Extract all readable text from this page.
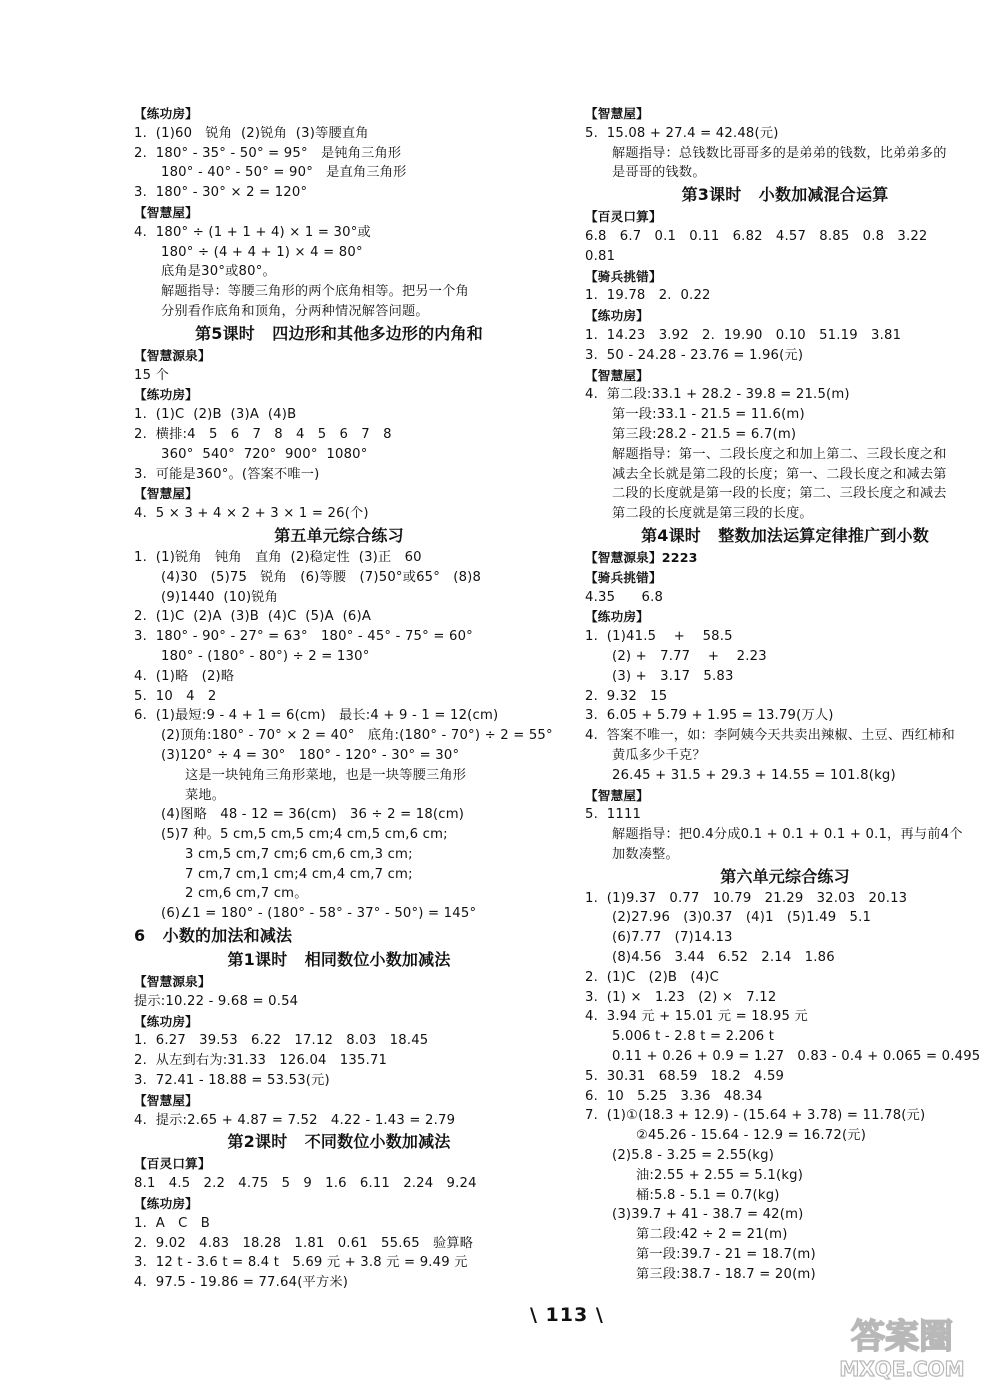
【练功房】
1.  (1)60   锐角  (2)锐角  (3)等腰直角
2.  180° - 35° - 50° = 95°   是钝角三角形
180° - 40° - 50° = 90°   是直角三角形
3.  180° - 30° × 2 = 120°
【智慧屋】
4.  180° ÷ (1 + 1 + 4) × 1 = 30°或
180° ÷ (4 + 4 + 1) × 4 = 80°
底角是30°或80°。
解题指导：等腰三角形的两个底角相等。把另一个角
分别看作底角和顶角，分两种情况解答问题。
第5课时   四边形和其他多边形的内角和
【智慧源泉】
15 个
【练功房】
1.  (1)C  (2)B  (3)A  (4)B
2.  横排:4   5   6   7   8   4   5   6   7   8
360°  540°  720°  900°  1080°
3.  可能是360°。(答案不唯一)
【智慧屋】
4.  5 × 3 + 4 × 2 + 3 × 1 = 26(个)
第五单元综合练习
1.  (1)锐角   钝角   直角  (2)稳定性  (3)正   60
(4)30   (5)75   锐角   (6)等腰   (7)50°或65°   (8)8
(9)1440  (10)锐角
2.  (1)C  (2)A  (3)B  (4)C  (5)A  (6)A
3.  180° - 90° - 27° = 63°   180° - 45° - 75° = 60°
180° - (180° - 80°) ÷ 2 = 130°
4.  (1)略   (2)略
5.  10   4   2
6.  (1)最短:9 - 4 + 1 = 6(cm)   最长:4 + 9 - 1 = 12(cm)
(2)顶角:180° - 70° × 2 = 40°   底角:(180° - 70°) ÷ 2 = 55°
(3)120° ÷ 4 = 30°   180° - 120° - 30° = 30°
这是一块钝角三角形菜地，也是一块等腰三角形
菜地。
(4)图略   48 - 12 = 36(cm)   36 ÷ 2 = 18(cm)
(5)7 种。5 cm,5 cm,5 cm;4 cm,5 cm,6 cm;
3 cm,5 cm,7 cm;6 cm,6 cm,3 cm;
7 cm,7 cm,1 cm;4 cm,4 cm,7 cm;
2 cm,6 cm,7 cm。
(6)∠1 = 180° - (180° - 58° - 37° - 50°) = 145°
6   小数的加法和减法
第1课时   相同数位小数加减法
【智慧源泉】
提示:10.22 - 9.68 = 0.54
【练功房】
1.  6.27   39.53   6.22   17.12   8.03   18.45
2.  从左到右为:31.33   126.04   135.71
3.  72.41 - 18.88 = 53.53(元)
【智慧屋】
4.  提示:2.65 + 4.87 = 7.52   4.22 - 1.43 = 2.79
第2课时   不同数位小数加减法
【百灵口算】
8.1   4.5   2.2   4.75   5   9   1.6   6.11   2.24   9.24
【练功房】
1.  A   C   B
2.  9.02   4.83   18.28   1.81   0.61   55.65   验算略
3.  12 t - 3.6 t = 8.4 t   5.69 元 + 3.8 元 = 9.49 元
4.  97.5 - 19.86 = 77.64(平方米)
【智慧屋】
5.  15.08 + 27.4 = 42.48(元)
解题指导：总钱数比哥哥多的是弟弟的钱数，比弟弟多的
是哥哥的钱数。
第3课时   小数加减混合运算
【百灵口算】
6.8   6.7   0.1   0.11   6.82   4.57   8.85   0.8   3.22
0.81
【骑兵挑错】
1.  19.78   2.  0.22
【练功房】
1.  14.23   3.92   2.  19.90   0.10   51.19   3.81
3.  50 - 24.28 - 23.76 = 1.96(元)
【智慧屋】
4.  第二段:33.1 + 28.2 - 39.8 = 21.5(m)
第一段:33.1 - 21.5 = 11.6(m)
第三段:28.2 - 21.5 = 6.7(m)
解题指导：第一、二段长度之和加上第二、三段长度之和
减去全长就是第二段的长度；第一、二段长度之和减去第
二段的长度就是第一段的长度；第二、三段长度之和减去
第二段的长度就是第三段的长度。
第4课时   整数加法运算定律推广到小数
【智慧源泉】2223
【骑兵挑错】
4.35      6.8
【练功房】
1.  (1)41.5    +    58.5
(2) +   7.77    +    2.23
(3) +   3.17   5.83
2.  9.32   15
3.  6.05 + 5.79 + 1.95 = 13.79(万人)
4.  答案不唯一，如：李阿姨今天共卖出辣椒、土豆、西红柿和
黄瓜多少千克？
26.45 + 31.5 + 29.3 + 14.55 = 101.8(kg)
【智慧屋】
5.  1111
解题指导：把0.4分成0.1 + 0.1 + 0.1 + 0.1，再与前4个
加数凑整。
第六单元综合练习
1.  (1)9.37   0.77   10.79   21.29   32.03   20.13
(2)27.96   (3)0.37   (4)1   (5)1.49   5.1
(6)7.77   (7)14.13
(8)4.56   3.44   6.52   2.14   1.86
2.  (1)C   (2)B   (4)C
3.  (1) ×   1.23   (2) ×   7.12
4.  3.94 元 + 15.01 元 = 18.95 元
5.006 t - 2.8 t = 2.206 t
0.11 + 0.26 + 0.9 = 1.27   0.83 - 0.4 + 0.065 = 0.495
5.  30.31   68.59   18.2   4.59
6.  10   5.25   3.36   48.34
7.  (1)①(18.3 + 12.9) - (15.64 + 3.78) = 11.78(元)
②45.26 - 15.64 - 12.9 = 16.72(元)
(2)5.8 - 3.25 = 2.55(kg)
油:2.55 + 2.55 = 5.1(kg)
桶:5.8 - 5.1 = 0.7(kg)
(3)39.7 + 41 - 38.7 = 42(m)
第二段:42 ÷ 2 = 21(m)
第一段:39.7 - 21 = 18.7(m)
第三段:38.7 - 18.7 = 20(m)
\ 113 \
答案圈
MXQE.COM
